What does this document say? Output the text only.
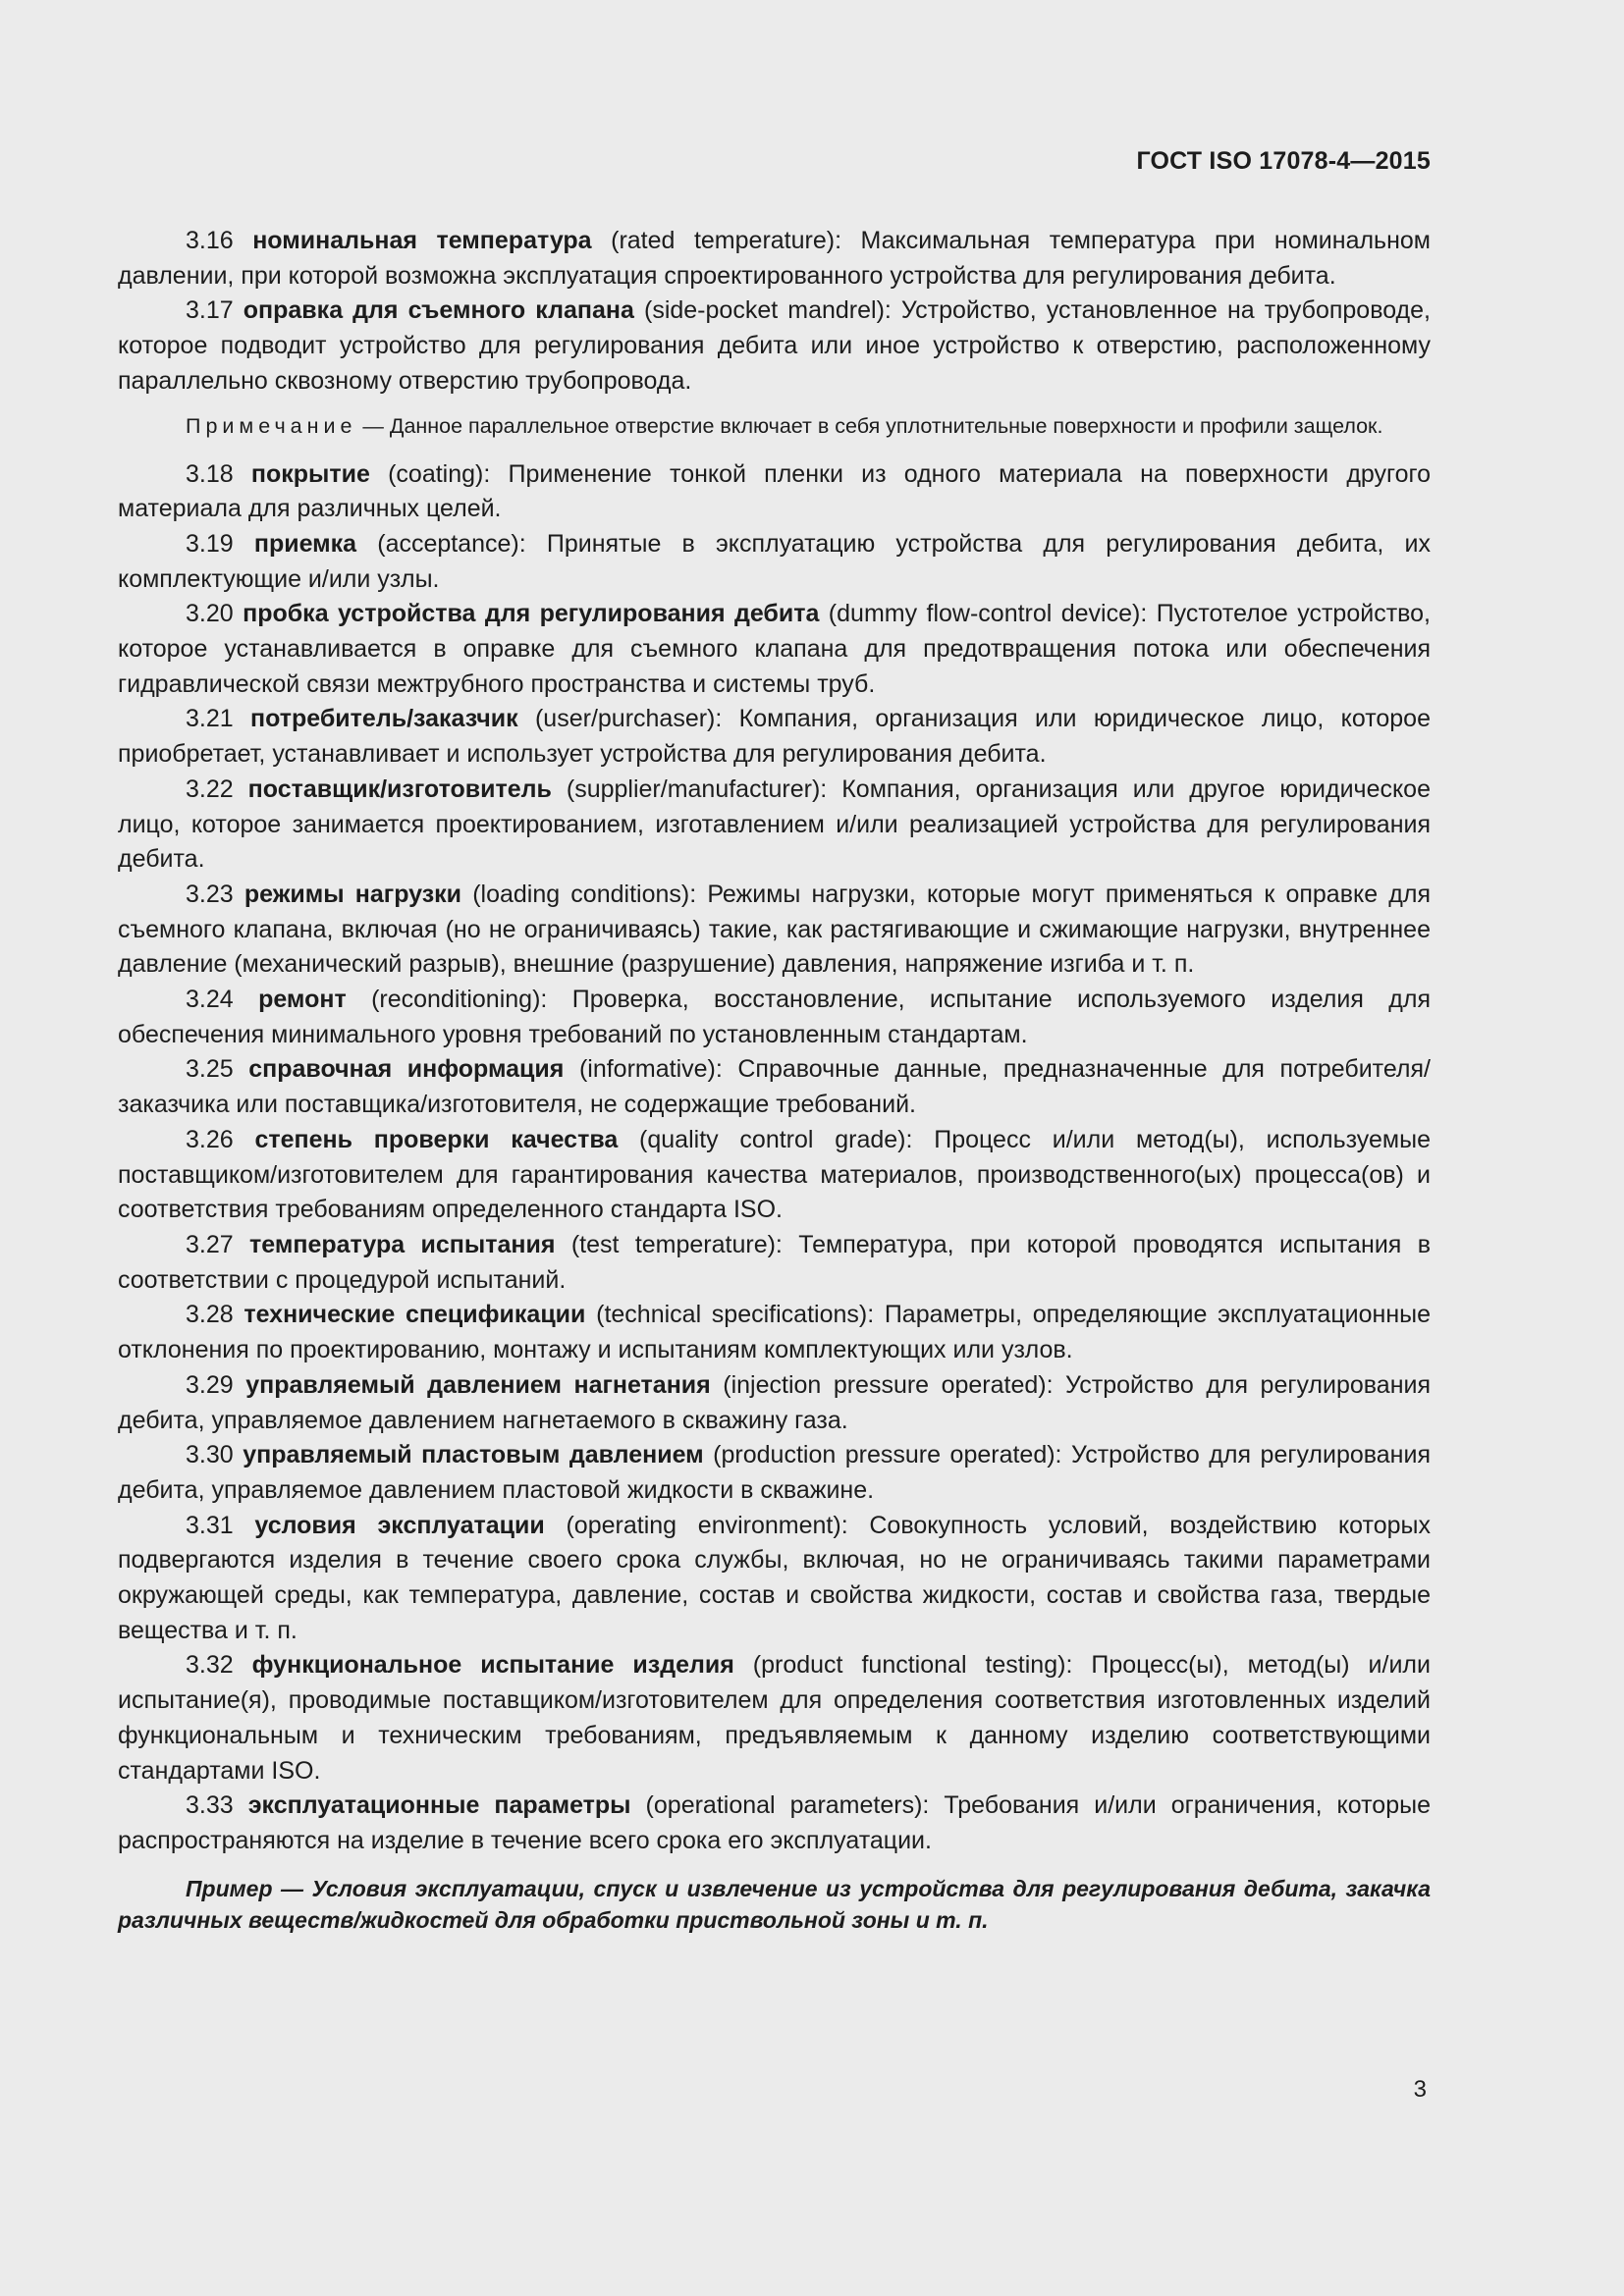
ГОСТ ISO 17078-4—2015

3.16 номинальная температура (rated temperature): Максимальная температура при номинальном давлении, при которой возможна эксплуатация спроектированного устройства для регулирования дебита.

3.17 оправка для съемного клапана (side-pocket mandrel): Устройство, установленное на трубопроводе, которое подводит устройство для регулирования дебита или иное устройство к отверстию, расположенному параллельно сквозному отверстию трубопровода.

Примечание — Данное параллельное отверстие включает в себя уплотнительные поверхности и профили защелок.

3.18 покрытие (coating): Применение тонкой пленки из одного материала на поверхности другого материала для различных целей.

3.19 приемка (acceptance): Принятые в эксплуатацию устройства для регулирования дебита, их комплектующие и/или узлы.

3.20 пробка устройства для регулирования дебита (dummy flow-control device): Пустотелое устройство, которое устанавливается в оправке для съемного клапана для предотвращения потока или обеспечения гидравлической связи межтрубного пространства и системы труб.

3.21 потребитель/заказчик (user/purchaser): Компания, организация или юридическое лицо, которое приобретает, устанавливает и использует устройства для регулирования дебита.

3.22 поставщик/изготовитель (supplier/manufacturer): Компания, организация или другое юридическое лицо, которое занимается проектированием, изготавлением и/или реализацией устройства для регулирования дебита.

3.23 режимы нагрузки (loading conditions): Режимы нагрузки, которые могут применяться к оправке для съемного клапана, включая (но не ограничиваясь) такие, как растягивающие и сжимающие нагрузки, внутреннее давление (механический разрыв), внешние (разрушение) давления, напряжение изгиба и т. п.

3.24 ремонт (reconditioning): Проверка, восстановление, испытание используемого изделия для обеспечения минимального уровня требований по установленным стандартам.

3.25 справочная информация (informative): Справочные данные, предназначенные для потребителя/заказчика или поставщика/изготовителя, не содержащие требований.

3.26 степень проверки качества (quality control grade): Процесс и/или метод(ы), используемые поставщиком/изготовителем для гарантирования качества материалов, производственного(ых) процесса(ов) и соответствия требованиям определенного стандарта ISO.

3.27 температура испытания (test temperature): Температура, при которой проводятся испытания в соответствии с процедурой испытаний.

3.28 технические спецификации (technical specifications): Параметры, определяющие эксплуатационные отклонения по проектированию, монтажу и испытаниям комплектующих или узлов.

3.29 управляемый давлением нагнетания (injection pressure operated): Устройство для регулирования дебита, управляемое давлением нагнетаемого в скважину газа.

3.30 управляемый пластовым давлением (production pressure operated): Устройство для регулирования дебита, управляемое давлением пластовой жидкости в скважине.

3.31 условия эксплуатации (operating environment): Совокупность условий, воздействию которых подвергаются изделия в течение своего срока службы, включая, но не ограничиваясь такими параметрами окружающей среды, как температура, давление, состав и свойства жидкости, состав и свойства газа, твердые вещества и т. п.

3.32 функциональное испытание изделия (product functional testing): Процесс(ы), метод(ы) и/или испытание(я), проводимые поставщиком/изготовителем для определения соответствия изготовленных изделий функциональным и техническим требованиям, предъявляемым к данному изделию соответствующими стандартами ISO.

3.33 эксплуатационные параметры (operational parameters): Требования и/или ограничения, которые распространяются на изделие в течение всего срока его эксплуатации.

Пример — Условия эксплуатации, спуск и извлечение из устройства для регулирования дебита, закачка различных веществ/жидкостей для обработки приствольной зоны и т. п.

3
